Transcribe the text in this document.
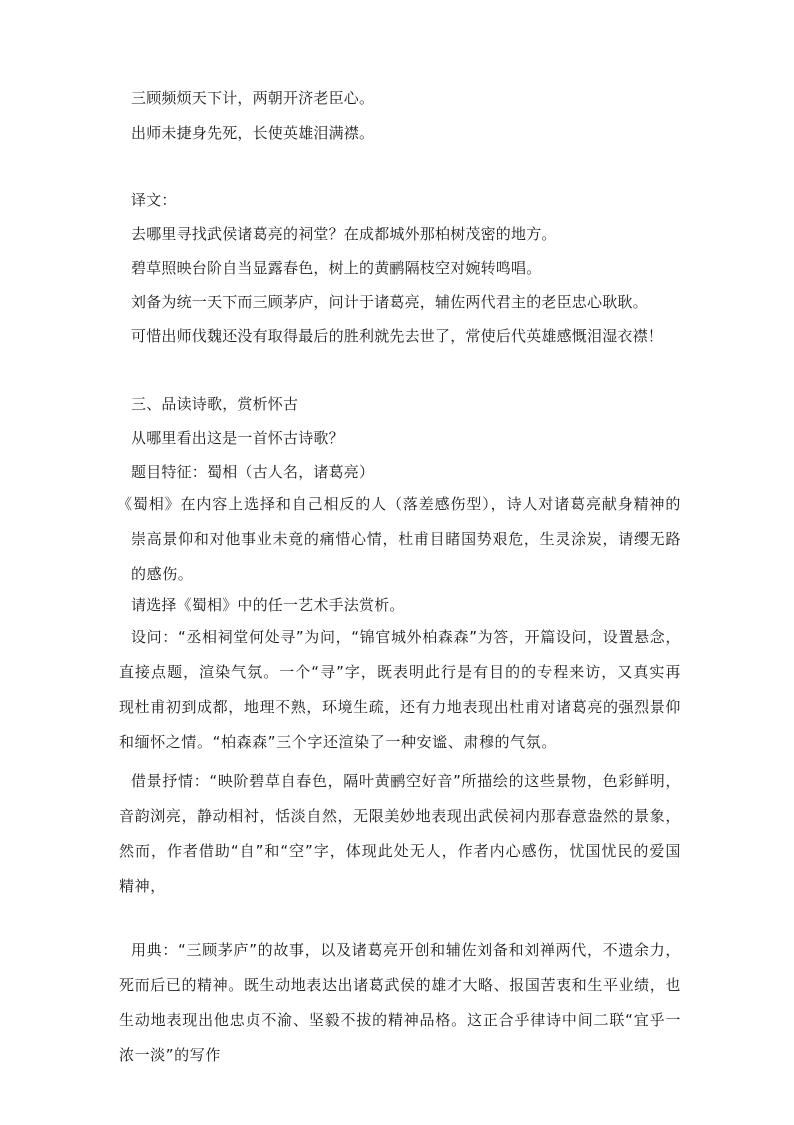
三顾频烦天下计，两朝开济老臣心。

出师未捷身先死，长使英雄泪满襟。

译文：

去哪里寻找武侯诸葛亮的祠堂？在成都城外那柏树茂密的地方。

碧草照映台阶自当显露春色，树上的黄鹂隔枝空对婉转鸣唱。

刘备为统一天下而三顾茅庐，问计于诸葛亮，辅佐两代君主的老臣忠心耿耿。

可惜出师伐魏还没有取得最后的胜利就先去世了，常使后代英雄感慨泪湿衣襟！

三、品读诗歌，赏析怀古

从哪里看出这是一首怀古诗歌？

题目特征：蜀相（古人名，诸葛亮）

《蜀相》在内容上选择和自己相反的人（落差感伤型），诗人对诸葛亮献身精神的崇高景仰和对他事业未竟的痛惜心情，杜甫目睹国势艰危，生灵涂炭，请缨无路的感伤。

请选择《蜀相》中的任一艺术手法赏析。

设问：“丞相祠堂何处寻”为问，“锦官城外柏森森”为答，开篇设问，设置悬念，直接点题，渲染气氛。一个“寻”字，既表明此行是有目的的专程来访，又真实再现杜甫初到成都，地理不熟，环境生疏，还有力地表现出杜甫对诸葛亮的强烈景仰和缅怀之情。“柏森森”三个字还渲染了一种安谧、肃穆的气氛。

借景抒情：“映阶碧草自春色，隔叶黄鹂空好音”所描绘的这些景物，色彩鲜明，音韵浏亮，静动相衬，恬淡自然，无限美妙地表现出武侯祠内那春意盎然的景象，然而，作者借助“自”和“空”字，体现此处无人，作者内心感伤，忧国忧民的爱国精神，

用典：“三顾茅庐”的故事，以及诸葛亮开创和辅佐刘备和刘禅两代，不遗余力，死而后已的精神。既生动地表达出诸葛武侯的雄才大略、报国苦衷和生平业绩，也生动地表现出他忠贞不渝、坚毅不拔的精神品格。这正合乎律诗中间二联“宜乎一浓一淡”的写作
